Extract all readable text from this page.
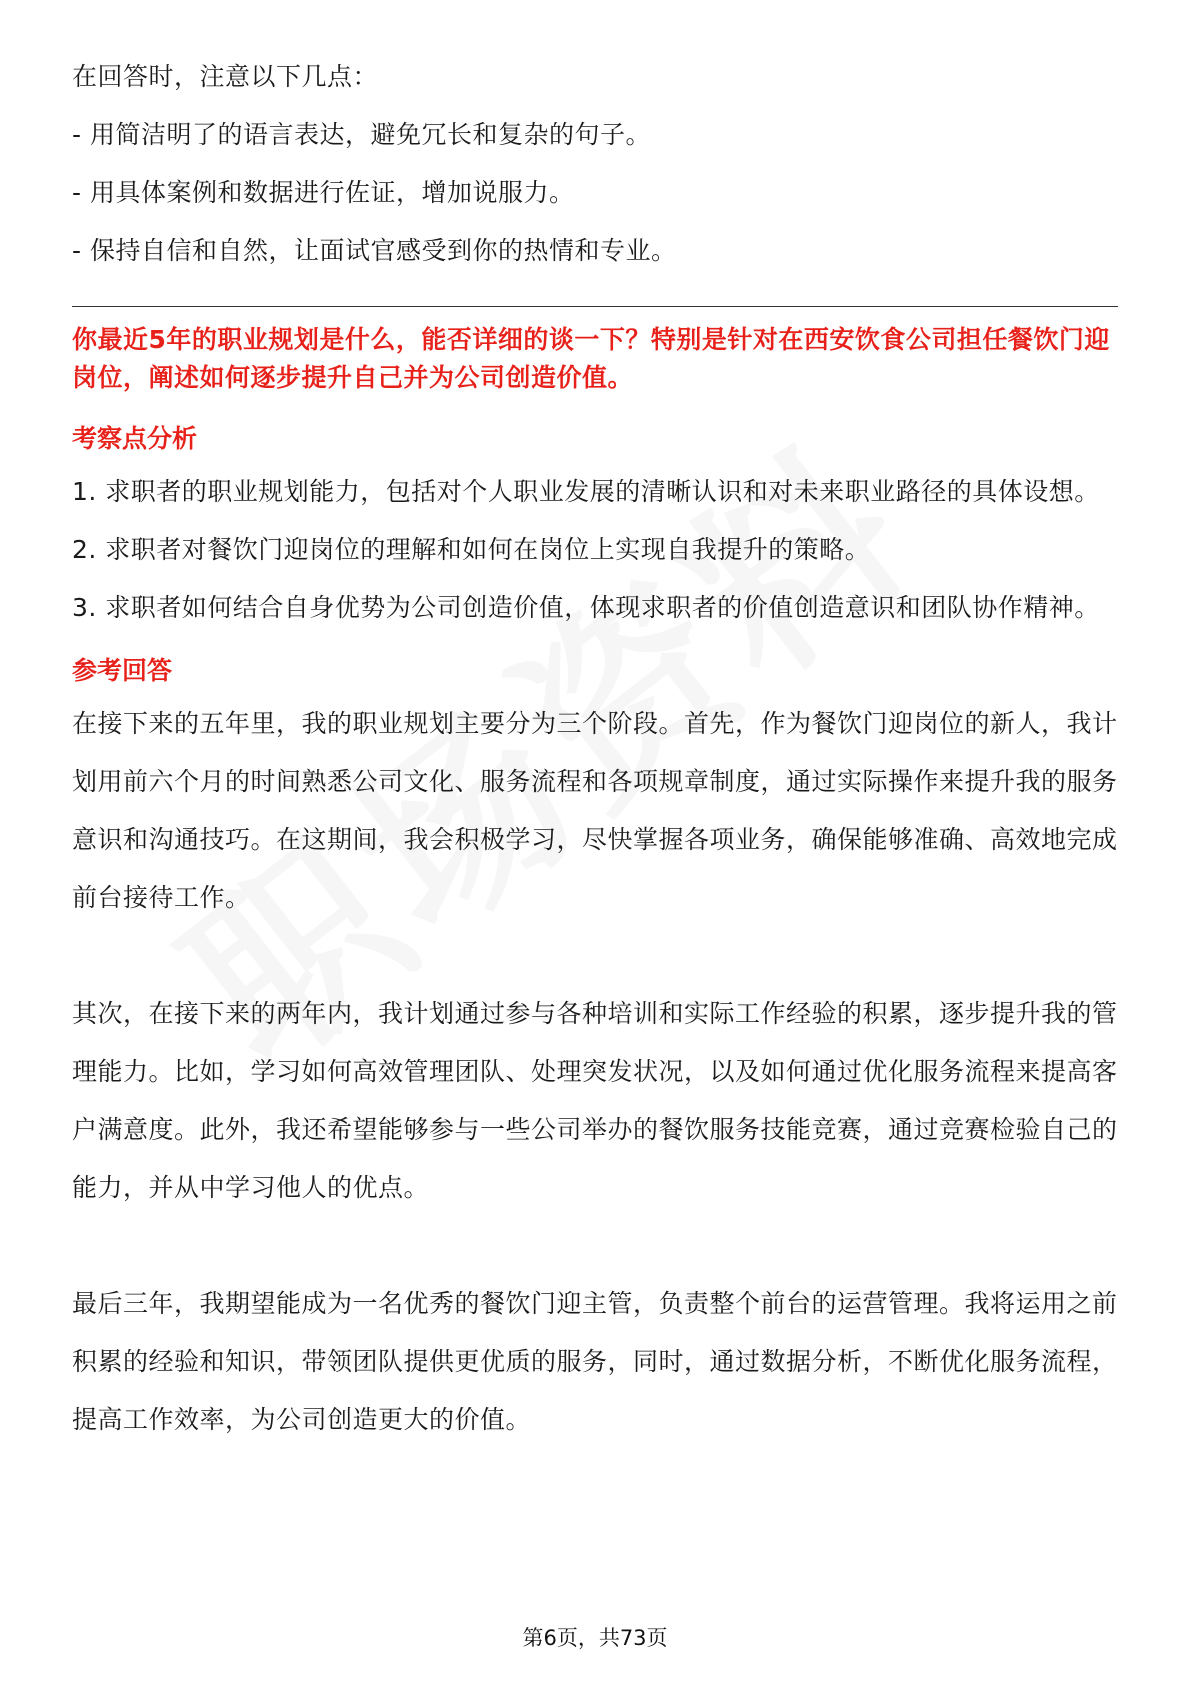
在回答时，注意以下几点：

- 用简洁明了的语言表达，避免冗长和复杂的句子。

- 用具体案例和数据进行佐证，增加说服力。

- 保持自信和自然，让面试官感受到你的热情和专业。

你最近5年的职业规划是什么，能否详细的谈一下？特别是针对在西安饮食公司担任餐饮门迎岗位，阐述如何逐步提升自己并为公司创造价值。

考察点分析

1. 求职者的职业规划能力，包括对个人职业发展的清晰认识和对未来职业路径的具体设想。

2. 求职者对餐饮门迎岗位的理解和如何在岗位上实现自我提升的策略。

3. 求职者如何结合自身优势为公司创造价值，体现求职者的价值创造意识和团队协作精神。

参考回答

在接下来的五年里，我的职业规划主要分为三个阶段。首先，作为餐饮门迎岗位的新人，我计划用前六个月的时间熟悉公司文化、服务流程和各项规章制度，通过实际操作来提升我的服务意识和沟通技巧。在这期间，我会积极学习，尽快掌握各项业务，确保能够准确、高效地完成前台接待工作。

其次，在接下来的两年内，我计划通过参与各种培训和实际工作经验的积累，逐步提升我的管理能力。比如，学习如何高效管理团队、处理突发状况，以及如何通过优化服务流程来提高客户满意度。此外，我还希望能够参与一些公司举办的餐饮服务技能竞赛，通过竞赛检验自己的能力，并从中学习他人的优点。

最后三年，我期望能成为一名优秀的餐饮门迎主管，负责整个前台的运营管理。我将运用之前积累的经验和知识，带领团队提供更优质的服务，同时，通过数据分析，不断优化服务流程，提高工作效率，为公司创造更大的价值。

第6页，共73页
